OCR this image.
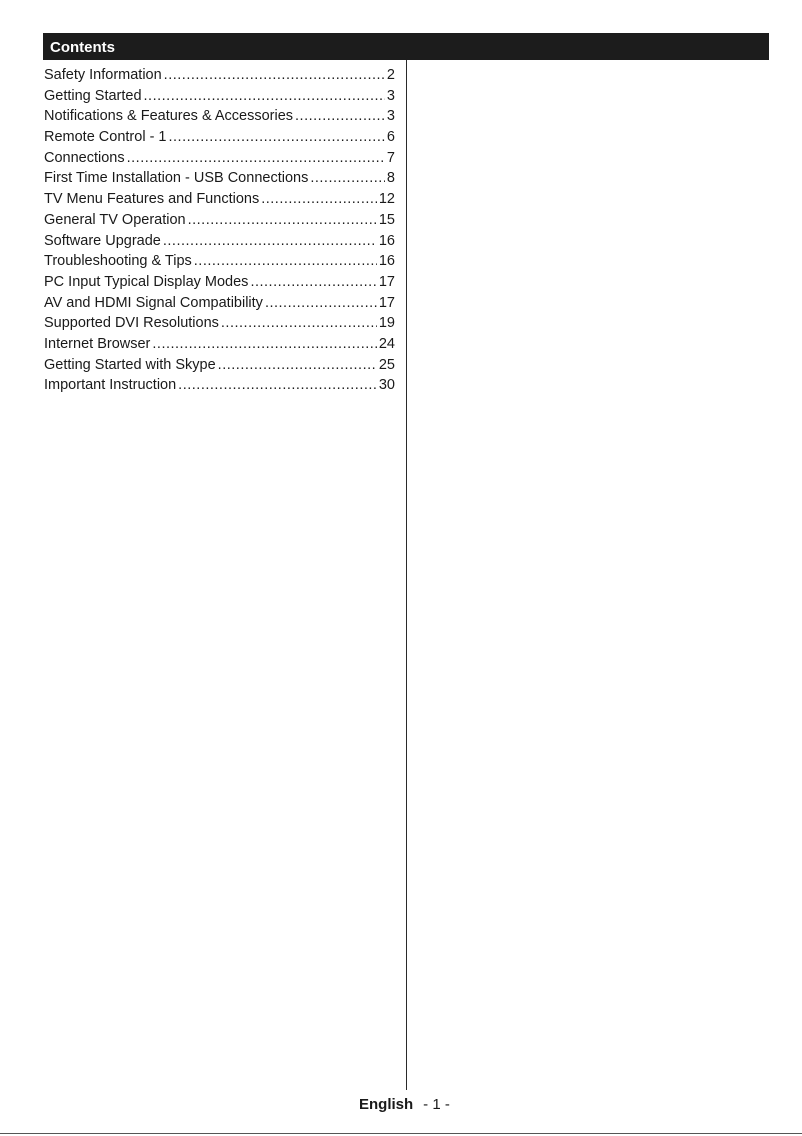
Contents
Safety Information .....	2
Getting Started .....	3
Notifications & Features & Accessories .....	3
Remote Control - 1 .....	6
Connections .....	7
First Time Installation - USB Connections .....	8
TV Menu Features and Functions .....	12
General TV Operation .....	15
Software Upgrade .....	16
Troubleshooting & Tips .....	16
PC Input Typical Display Modes .....	17
AV and HDMI Signal Compatibility .....	17
Supported DVI Resolutions .....	19
Internet Browser .....	24
Getting Started with Skype .....	25
Important Instruction .....	30
English - 1 -
